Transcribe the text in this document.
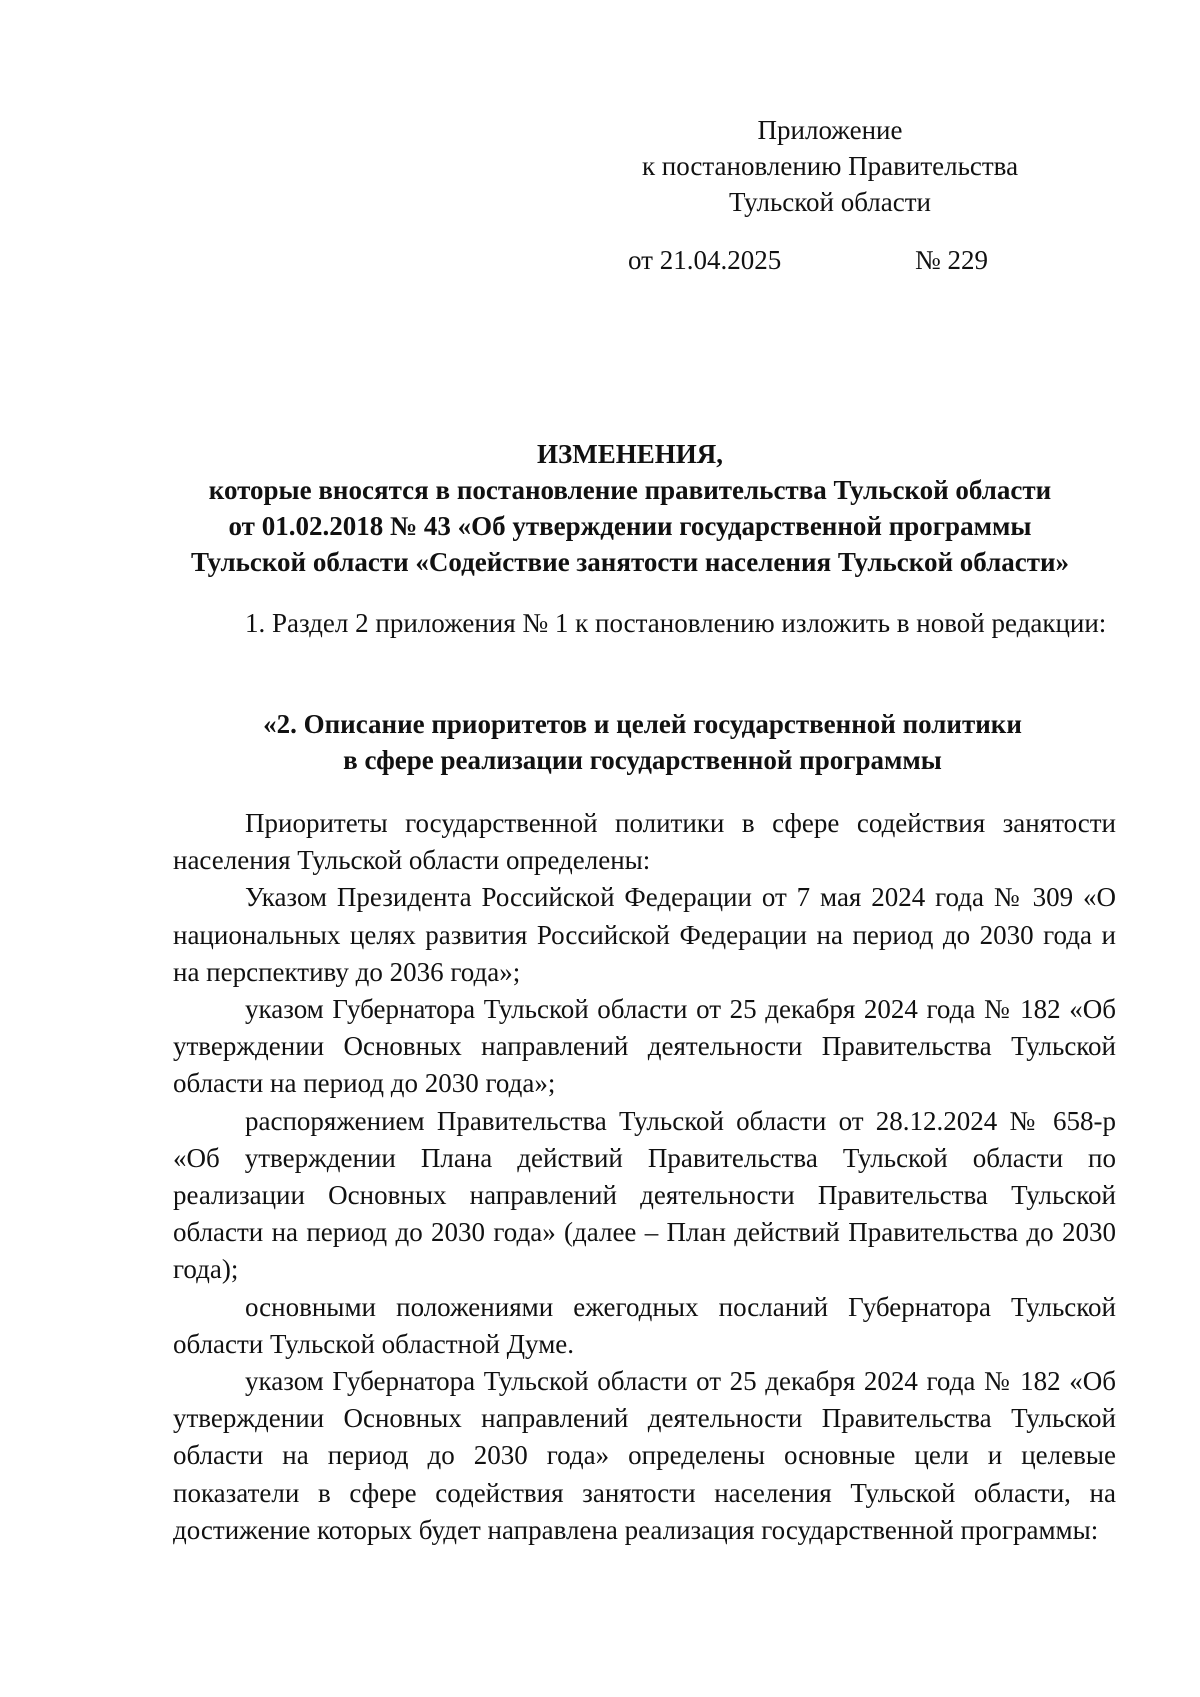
Приложение
к постановлению Правительства
Тульской области
от 21.04.2025	№ 229
ИЗМЕНЕНИЯ,
которые вносятся в постановление правительства Тульской области
от 01.02.2018 № 43 «Об утверждении государственной программы
Тульской области «Содействие занятости населения Тульской области»

1. Раздел 2 приложения № 1 к постановлению изложить в новой редакции:

«2. Описание приоритетов и целей государственной политики
в сфере реализации государственной программы

Приоритеты государственной политики в сфере содействия занятости населения Тульской области определены:

Указом Президента Российской Федерации от 7 мая 2024 года № 309 «О национальных целях развития Российской Федерации на период до 2030 года и на перспективу до 2036 года»;

указом Губернатора Тульской области от 25 декабря 2024 года № 182 «Об утверждении Основных направлений деятельности Правительства Тульской области на период до 2030 года»;

распоряжением Правительства Тульской области от 28.12.2024 № 658-р «Об утверждении Плана действий Правительства Тульской области по реализации Основных направлений деятельности Правительства Тульской области на период до 2030 года» (далее – План действий Правительства до 2030 года);

основными положениями ежегодных посланий Губернатора Тульской области Тульской областной Думе.

указом Губернатора Тульской области от 25 декабря 2024 года № 182 «Об утверждении Основных направлений деятельности Правительства Тульской области на период до 2030 года» определены основные цели и целевые показатели в сфере содействия занятости населения Тульской области, на достижение которых будет направлена реализация государственной программы:
